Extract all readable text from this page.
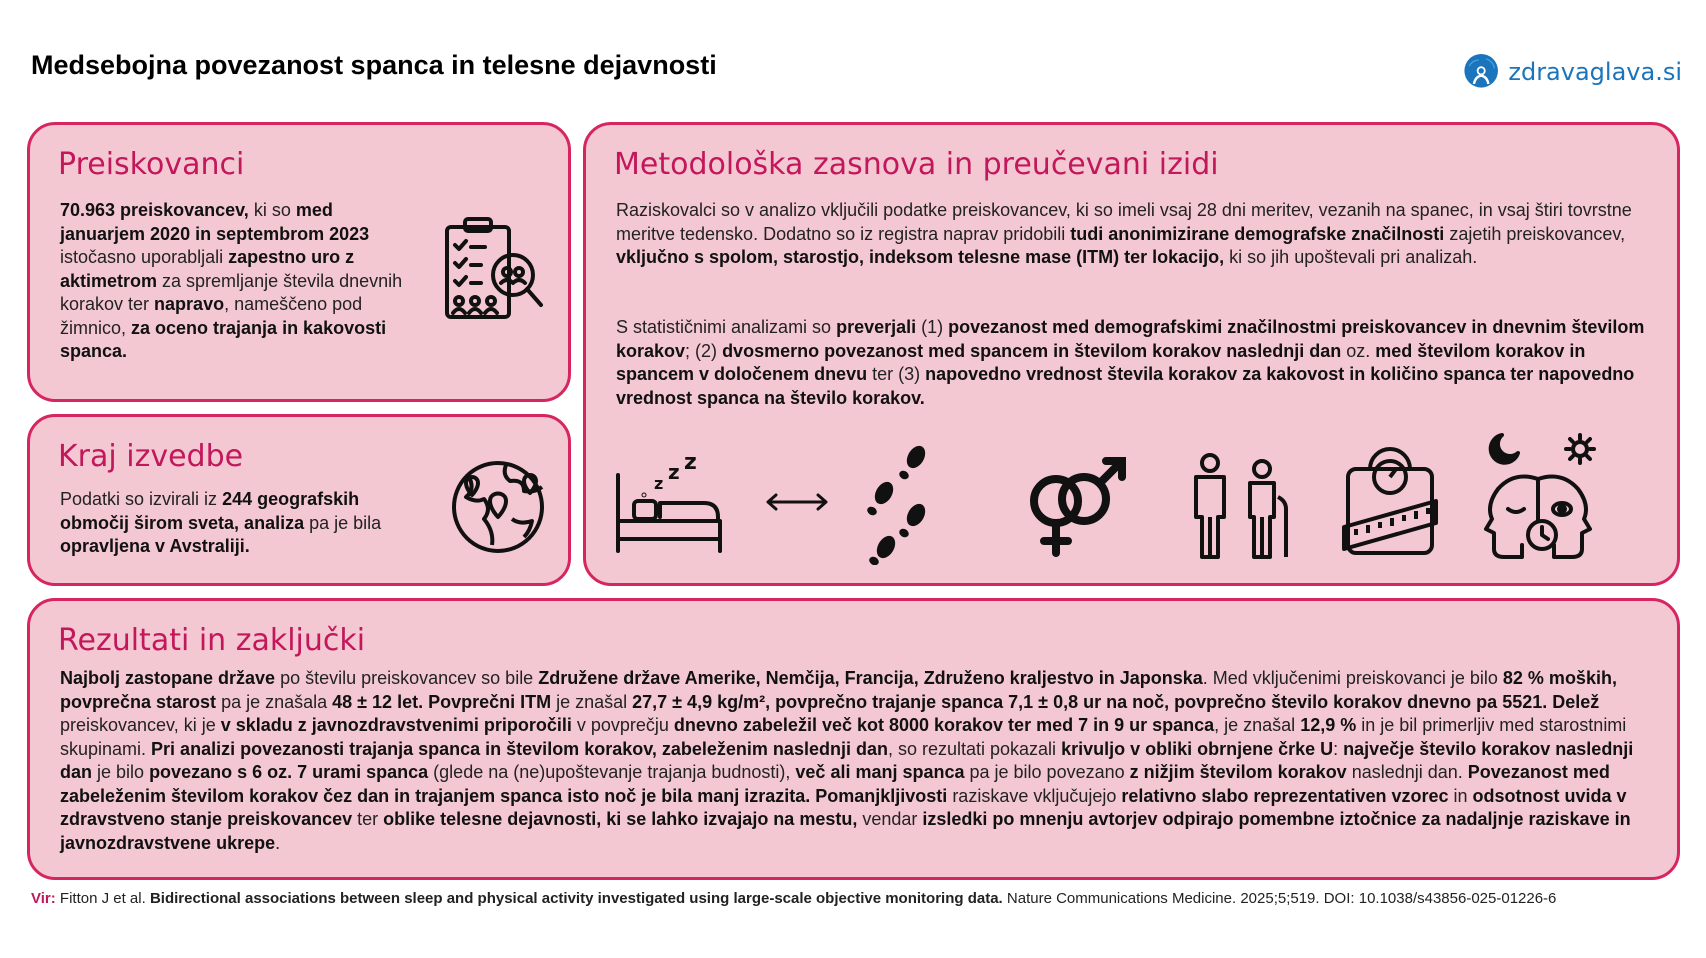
Medsebojna povezanost spanca in telesne dejavnosti	zdravaglava.si
Preiskovanci
70.963 preiskovancev, ki so med januarjem 2020 in septembrom 2023 istočasno uporabljali zapestno uro z aktimetrom za spremljanje števila dnevnih korakov ter napravo, nameščeno pod žimnico, za oceno trajanja in kakovosti spanca.
Kraj izvedbe
Podatki so izvirali iz 244 geografskih območij širom sveta, analiza pa je bila opravljena v Avstraliji.
Metodološka zasnova in preučevani izidi
Raziskovalci so v analizo vključili podatke preiskovancev, ki so imeli vsaj 28 dni meritev, vezanih na spanec, in vsaj štiri tovrstne meritve tedensko. Dodatno so iz registra naprav pridobili tudi anonimizirane demografske značilnosti zajetih preiskovancev, vključno s spolom, starostjo, indeksom telesne mase (ITM) ter lokacijo, ki so jih upoštevali pri analizah.
S statističnimi analizami so preverjali (1) povezanost med demografskimi značilnostmi preiskovancev in dnevnim številom korakov; (2) dvosmerno povezanost med spancem in številom korakov naslednji dan oz. med številom korakov in spancem v določenem dnevu ter (3) napovedno vrednost števila korakov za kakovost in količino spanca ter napovedno vrednost spanca na število korakov.
z z z
Rezultati in zaključki
Najbolj zastopane države po številu preiskovancev so bile Združene države Amerike, Nemčija, Francija, Združeno kraljestvo in Japonska. Med vključenimi preiskovanci je bilo 82 % moških, povprečna starost pa je znašala 48 ± 12 let. Povprečni ITM je znašal 27,7 ± 4,9 kg/m², povprečno trajanje spanca 7,1 ± 0,8 ur na noč, povprečno število korakov dnevno pa 5521. Delež preiskovancev, ki je v skladu z javnozdravstvenimi priporočili v povprečju dnevno zabeležil več kot 8000 korakov ter med 7 in 9 ur spanca, je znašal 12,9 % in je bil primerljiv med starostnimi skupinami. Pri analizi povezanosti trajanja spanca in številom korakov, zabeleženim naslednji dan, so rezultati pokazali krivuljo v obliki obrnjene črke U: največje število korakov naslednji dan je bilo povezano s 6 oz. 7 urami spanca (glede na (ne)upoštevanje trajanja budnosti), več ali manj spanca pa je bilo povezano z nižjim številom korakov naslednji dan. Povezanost med zabeleženim številom korakov čez dan in trajanjem spanca isto noč je bila manj izrazita. Pomanjkljivosti raziskave vključujejo relativno slabo reprezentativen vzorec in odsotnost uvida v zdravstveno stanje preiskovancev ter oblike telesne dejavnosti, ki se lahko izvajajo na mestu, vendar izsledki po mnenju avtorjev odpirajo pomembne iztočnice za nadaljnje raziskave in javnozdravstvene ukrepe.
Vir: Fitton J et al. Bidirectional associations between sleep and physical activity investigated using large-scale objective monitoring data. Nature Communications Medicine. 2025;5;519. DOI: 10.1038/s43856-025-01226-6
